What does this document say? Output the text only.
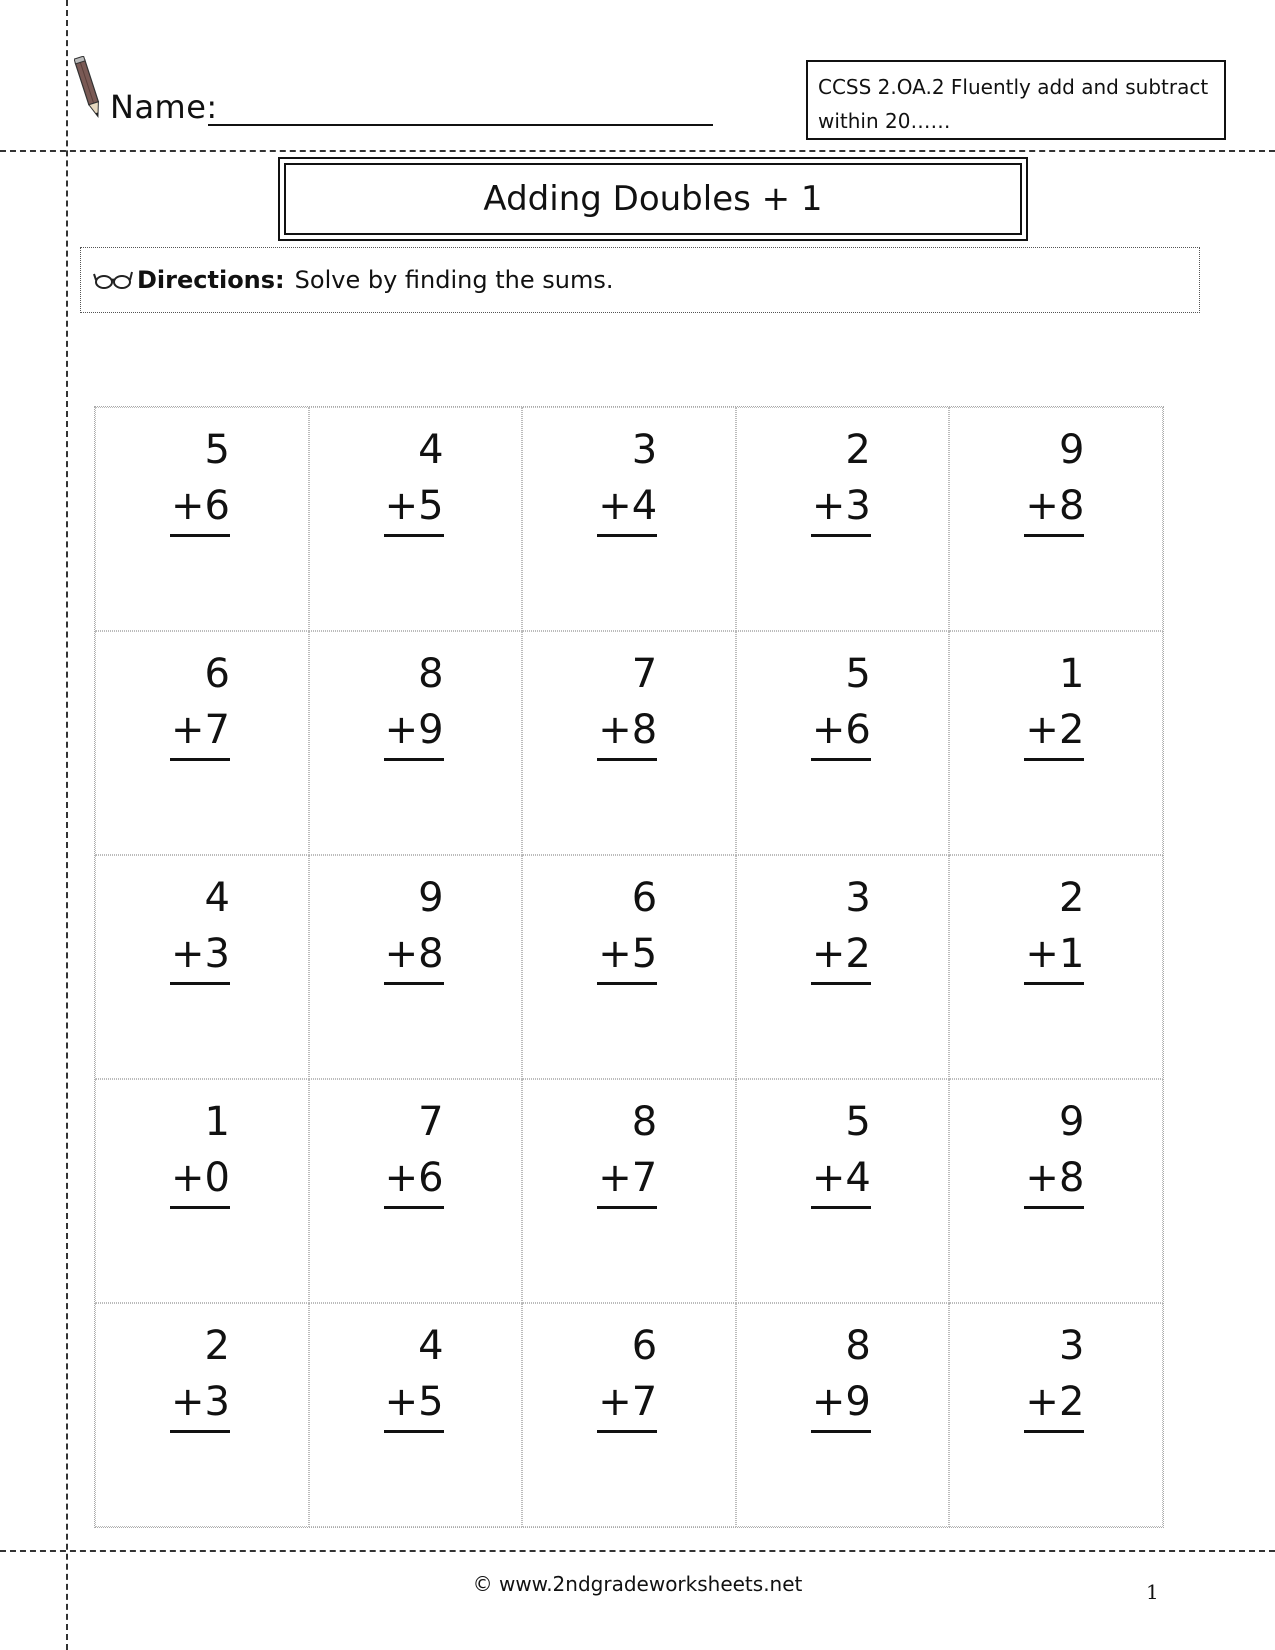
Name:
CCSS 2.OA.2 Fluently add and subtract within 20……
Adding Doubles + 1
Directions: Solve by finding the sums.
5
+6
4
+5
3
+4
2
+3
9
+8
6
+7
8
+9
7
+8
5
+6
1
+2
4
+3
9
+8
6
+5
3
+2
2
+1
1
+0
7
+6
8
+7
5
+4
9
+8
2
+3
4
+5
6
+7
8
+9
3
+2
© www.2ndgradeworksheets.net	1
